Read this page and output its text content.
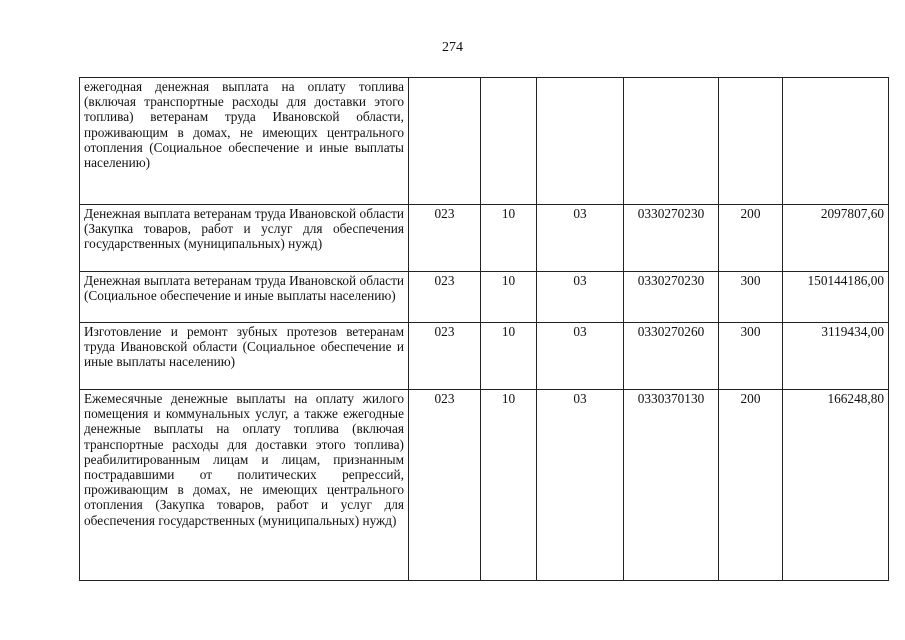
274
ежегодная денежная выплата на оплату топлива (включая транспортные расходы для доставки этого топлива) ветеранам труда Ивановской области, проживающим в домах, не имеющих центрального отопления (Социальное обеспечение и иные выплаты населению)						
Денежная выплата ветеранам труда Ивановской области (Закупка товаров, работ и услуг для обеспечения государственных (муниципальных) нужд)	023	10	03	0330270230	200	2097807,60
Денежная выплата ветеранам труда Ивановской области (Социальное обеспечение и иные выплаты населению)	023	10	03	0330270230	300	150144186,00
Изготовление и ремонт зубных протезов ветеранам труда Ивановской области (Социальное обеспечение и иные выплаты населению)	023	10	03	0330270260	300	3119434,00
Ежемесячные денежные выплаты на оплату жилого помещения и коммунальных услуг, а также ежегодные денежные выплаты на оплату топлива (включая транспортные расходы для доставки этого топлива) реабилитированным лицам и лицам, признанным пострадавшими от политических репрессий, проживающим в домах, не имеющих центрального отопления (Закупка товаров, работ и услуг для обеспечения государственных (муниципальных) нужд)	023	10	03	0330370130	200	166248,80
